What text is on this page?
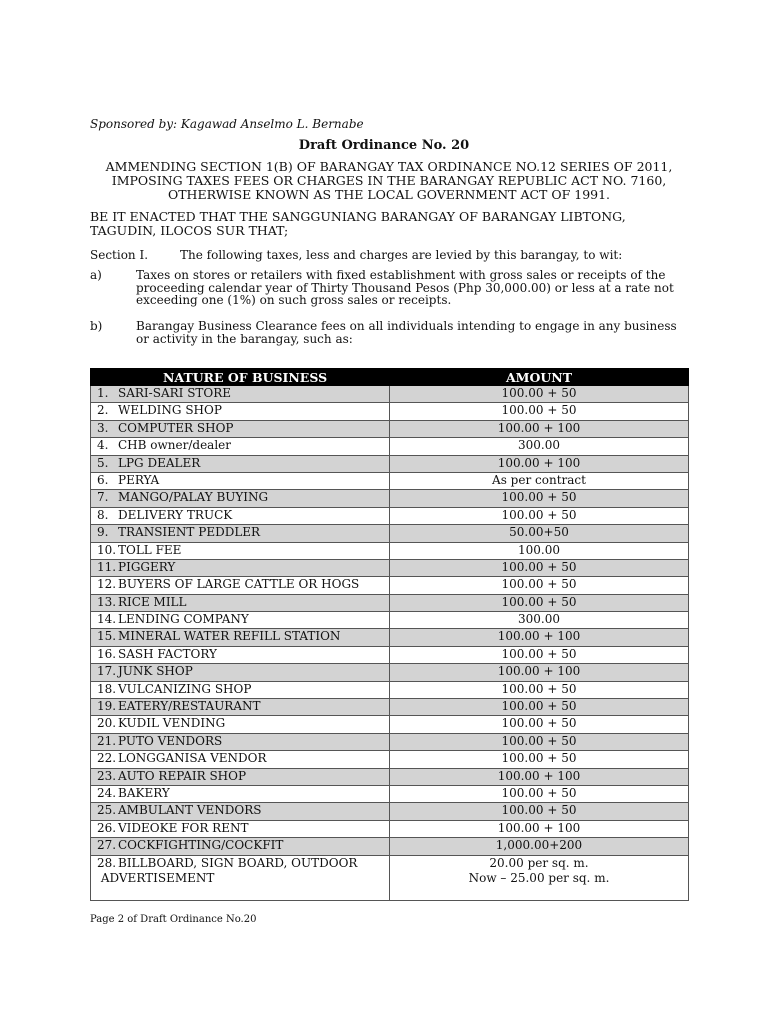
Sponsored by: Kagawad Anselmo L. Bernabe
Draft Ordinance No. 20
AMMENDING SECTION 1(B) OF BARANGAY TAX ORDINANCE NO.12 SERIES OF 2011, IMPOSING TAXES FEES OR CHARGES IN THE BARANGAY REPUBLIC ACT NO. 7160, OTHERWISE KNOWN AS THE LOCAL GOVERNMENT ACT OF 1991.
BE IT ENACTED THAT THE SANGGUNIANG BARANGAY OF BARANGAY LIBTONG, TAGUDIN, ILOCOS SUR THAT;
Section I.	The following taxes, less and charges are levied by this barangay, to wit:
a)	Taxes on stores or retailers with fixed establishment with gross sales or receipts of the proceeding calendar year of Thirty Thousand Pesos (Php 30,000.00) or less at a rate not exceeding one (1%) on such gross sales or receipts.
b)	Barangay Business Clearance fees on all individuals intending to engage in any business or activity in the barangay, such as:
NATURE OF BUSINESS	AMOUNT
1. SARI-SARI STORE	100.00 + 50
2. WELDING SHOP	100.00 + 50
3. COMPUTER SHOP	100.00 + 100
4. CHB owner/dealer	300.00
5. LPG DEALER	100.00 + 100
6. PERYA	As per contract
7. MANGO/PALAY BUYING	100.00 + 50
8. DELIVERY TRUCK	100.00 + 50
9. TRANSIENT PEDDLER	50.00+50
10. TOLL FEE	100.00
11. PIGGERY	100.00 + 50
12. BUYERS OF LARGE CATTLE OR HOGS	100.00 + 50
13. RICE MILL	100.00 + 50
14. LENDING COMPANY	300.00
15. MINERAL WATER REFILL STATION	100.00 + 100
16. SASH FACTORY	100.00 + 50
17. JUNK SHOP	100.00 + 100
18. VULCANIZING SHOP	100.00 + 50
19. EATERY/RESTAURANT	100.00 + 50
20. KUDIL VENDING	100.00 + 50
21. PUTO VENDORS	100.00 + 50
22. LONGGANISA VENDOR	100.00 + 50
23. AUTO REPAIR SHOP	100.00 + 100
24. BAKERY	100.00 + 50
25. AMBULANT VENDORS	100.00 + 50
26. VIDEOKE FOR RENT	100.00 + 100
27. COCKFIGHTING/COCKFIT	1,000.00+200
28. BILLBOARD, SIGN BOARD, OUTDOOR
ADVERTISEMENT	20.00 per sq. m.
Now – 25.00 per sq. m.
Page 2 of Draft Ordinance No.20
